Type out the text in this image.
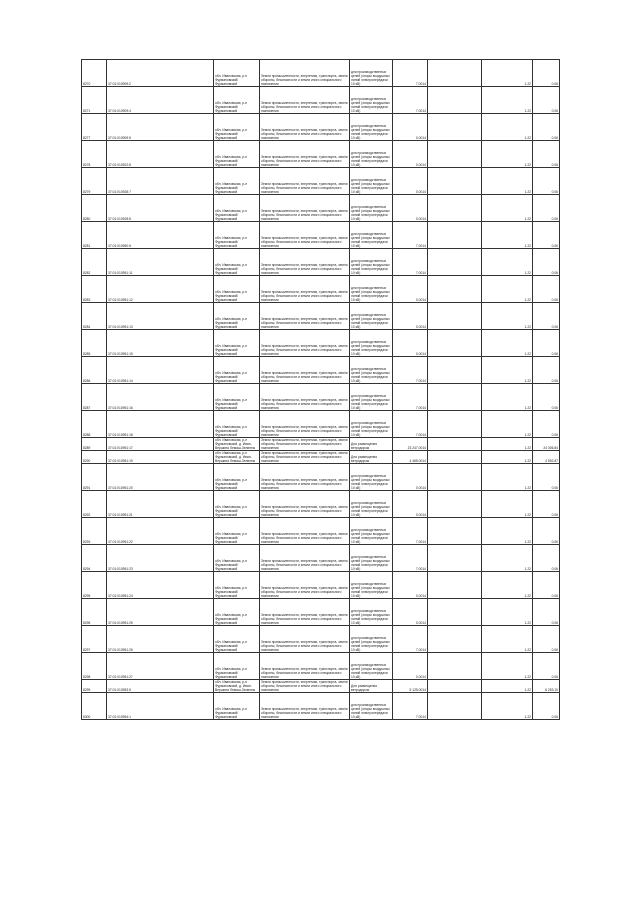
8270	37:01:010909:2	обл. Ивановская, р-н Фурмановский/Фурмановский	Земли промышленности, энергетики, транспорта, земли обороны, безопасности и земли иного специального назначения	для производственных целей (опоры воздушных линий электропередачи 10 кВ)	7.0014		1.22	0.06
8271	37:01:010909:4	обл. Ивановская, р-н Фурмановский/Фурмановский	Земли промышленности, энергетики, транспорта, земли обороны, безопасности и земли иного специального назначения	для производственных целей (опоры воздушных линий электропередачи 10 кВ)	7.0014		1.22	0.06
8277	37:01:010909:5	обл. Ивановская, р-н Фурмановский/Фурмановский	Земли промышленности, энергетики, транспорта, земли обороны, безопасности и земли иного специального назначения	для производственных целей (опоры воздушных линий электропередачи 10 кВ)	0.0014		1.22	0.06
8278	37:01:010922:8	обл. Ивановская, р-н Фурмановский/Фурмановский	Земли промышленности, энергетики, транспорта, земли обороны, безопасности и земли иного специального назначения	для производственных целей (опоры воздушных линий электропередачи 10 кВ)	0.0014		1.22	0.06
8279	37:01:010928:7	обл. Ивановская, р-н Фурмановский/Фурмановский	Земли промышленности, энергетики, транспорта, земли обороны, безопасности и земли иного специального назначения	для производственных целей (опоры воздушных линий электропередачи 10 кВ)	0.0014		1.22	0.06
8280	37:01:010928:8	обл. Ивановская, р-н Фурмановский/Фурмановский	Земли промышленности, энергетики, транспорта, земли обороны, безопасности и земли иного специального назначения	для производственных целей (опоры воздушных линий электропередачи 10 кВ)	0.0014		1.22	0.06
8281	37:01:010950:5	обл. Ивановская, р-н Фурмановский/Фурмановский	Земли промышленности, энергетики, транспорта, земли обороны, безопасности и земли иного специального назначения	для производственных целей (опоры воздушных линий электропередачи 10 кВ)	7.0014		1.22	0.06
8282	37:01:010951:11	обл. Ивановская, р-н Фурмановский/Фурмановский	Земли промышленности, энергетики, транспорта, земли обороны, безопасности и земли иного специального назначения	для производственных целей (опоры воздушных линий электропередачи 10 кВ)	7.0014		1.22	0.06
8283	37:01:010951:12	обл. Ивановская, р-н Фурмановский/Фурмановский	Земли промышленности, энергетики, транспорта, земли обороны, безопасности и земли иного специального назначения	для производственных целей (опоры воздушных линий электропередачи 10 кВ)	0.0014		1.22	0.06
8284	37:01:010951:13	обл. Ивановская, р-н Фурмановский/Фурмановский	Земли промышленности, энергетики, транспорта, земли обороны, безопасности и земли иного специального назначения	для производственных целей (опоры воздушных линий электропередачи 10 кВ)	0.0014		1.22	0.06
8285	37:01:010951:15	обл. Ивановская, р-н Фурмановский/Фурмановский	Земли промышленности, энергетики, транспорта, земли обороны, безопасности и земли иного специального назначения	для производственных целей (опоры воздушных линий электропередачи 10 кВ)	0.0014		1.22	0.06
8286	37:01:010951:14	обл. Ивановская, р-н Фурмановский/Фурмановский	Земли промышленности, энергетики, транспорта, земли обороны, безопасности и земли иного специального назначения	для производственных целей (опоры воздушных линий электропередачи 10 кВ)	7.0014		1.22	0.06
8287	37:01:010951:16	обл. Ивановская, р-н Фурмановский/Фурмановский	Земли промышленности, энергетики, транспорта, земли обороны, безопасности и земли иного специального назначения	для производственных целей (опоры воздушных линий электропередачи 10 кВ)	7.0014		1.22	0.06
8288	37:01:010951:18	обл. Ивановская, р-н Фурмановский/Фурмановский	Земли промышленности, энергетики, транспорта, земли обороны, безопасности и земли иного специального назначения	для производственных целей (опоры воздушных линий электропередачи 10 кВ)	7.0014		1.22	0.06
8289	37:01:010951:17	обл. Ивановская, р-н Фурмановский, д. Иван-Вершина Лемаш-Зелинеж	Земли промышленности, энергетики, транспорта, земли обороны, безопасности и земли иного специального назначения	Для размещения ветродорож	23 247.0014		1.22	24 306.84
8290	37:01:010951:19	обл. Ивановская, р-н Фурмановский, д. Иван-Вершина Лемаш-Зелинеж	Земли промышленности, энергетики, транспорта, земли обороны, безопасности и земли иного специального назначения	Для размещения ветродорож	4 465.0014		1.22	4 552.87
8291	37:01:010951:20	обл. Ивановская, р-н Фурмановский/Фурмановский	Земли промышленности, энергетики, транспорта, земли обороны, безопасности и земли иного специального назначения	для производственных целей (опоры воздушных линий электропередачи 10 кВ)	0.0014		1.22	0.06
8292	37:01:010951:21	обл. Ивановская, р-н Фурмановский/Фурмановский	Земли промышленности, энергетики, транспорта, земли обороны, безопасности и земли иного специального назначения	для производственных целей (опоры воздушных линий электропередачи 10 кВ)	0.0014		1.22	0.06
8293	37:01:010951:22	обл. Ивановская, р-н Фурмановский/Фурмановский	Земли промышленности, энергетики, транспорта, земли обороны, безопасности и земли иного специального назначения	для производственных целей (опоры воздушных линий электропередачи 10 кВ)	7.0014		1.22	0.06
8294	37:01:010951:23	обл. Ивановская, р-н Фурмановский/Фурмановский	Земли промышленности, энергетики, транспорта, земли обороны, безопасности и земли иного специального назначения	для производственных целей (опоры воздушных линий электропередачи 10 кВ)	7.0014		1.22	0.06
8295	37:01:010951:24	обл. Ивановская, р-н Фурмановский/Фурмановский	Земли промышленности, энергетики, транспорта, земли обороны, безопасности и земли иного специального назначения	для производственных целей (опоры воздушных линий электропередачи 10 кВ)	0.0014		1.22	0.06
8296	37:01:010951:25	обл. Ивановская, р-н Фурмановский/Фурмановский	Земли промышленности, энергетики, транспорта, земли обороны, безопасности и земли иного специального назначения	для производственных целей (опоры воздушных линий электропередачи 10 кВ)	0.0014		1.22	0.06
8297	37:01:010951:26	обл. Ивановская, р-н Фурмановский/Фурмановский	Земли промышленности, энергетики, транспорта, земли обороны, безопасности и земли иного специального назначения	для производственных целей (опоры воздушных линий электропередачи 10 кВ)	7.0014		1.22	0.06
8298	37:01:010951:27	обл. Ивановская, р-н Фурмановский/Фурмановский	Земли промышленности, энергетики, транспорта, земли обороны, безопасности и земли иного специального назначения	для производственных целей (опоры воздушных линий электропередачи 10 кВ)	0.0014		1.22	0.06
8299	37:01:010953:5	обл. Ивановская, р-н Фурмановский, д. Иван-Вершина Лемаш-Зелинеж	Земли промышленности, энергетики, транспорта, земли обороны, безопасности и земли иного специального назначения	Для размещения ветродорож	5 125.0014		1.22	6 253.10
8300	37:01:010954:1	обл. Ивановская, р-н Фурмановский/Фурмановский	Земли промышленности, энергетики, транспорта, земли обороны, безопасности и земли иного специального назначения	для производственных целей (опоры воздушных линий электропередачи 10 кВ)	7.0014		1.22	0.06
